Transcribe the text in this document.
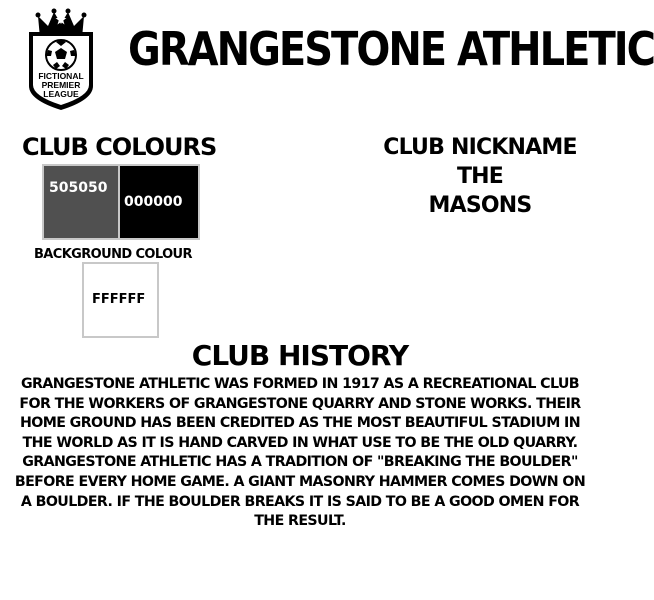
FICTIONAL
PREMIER
LEAGUE
GRANGESTONE ATHLETIC
CLUB COLOURS
505050
000000
BACKGROUND COLOUR
FFFFFF
CLUB NICKNAME
THE
MASONS
CLUB HISTORY
GRANGESTONE ATHLETIC WAS FORMED IN 1917 AS A RECREATIONAL CLUB FOR THE WORKERS OF GRANGESTONE QUARRY AND STONE WORKS. THEIR HOME GROUND HAS BEEN CREDITED AS THE MOST BEAUTIFUL STADIUM IN THE WORLD AS IT IS HAND CARVED IN WHAT USE TO BE THE OLD QUARRY. GRANGESTONE ATHLETIC HAS A TRADITION OF "BREAKING THE BOULDER" BEFORE EVERY HOME GAME. A GIANT MASONRY HAMMER COMES DOWN ON A BOULDER. IF THE BOULDER BREAKS IT IS SAID TO BE A GOOD OMEN FOR THE RESULT.
